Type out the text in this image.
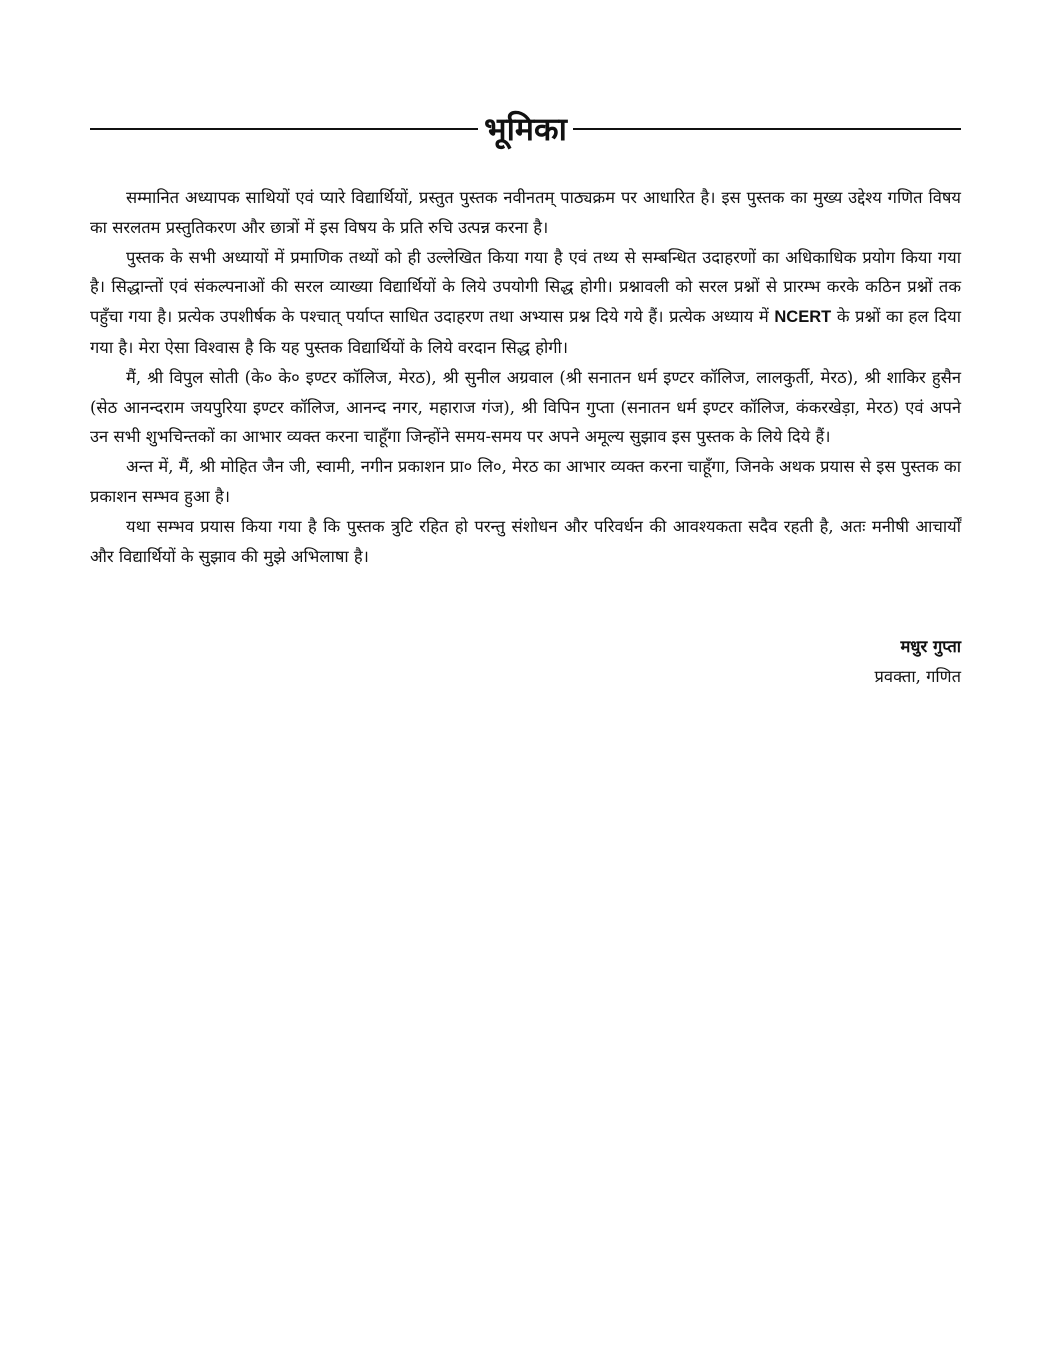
भूमिका

सम्मानित अध्यापक साथियों एवं प्यारे विद्यार्थियों, प्रस्तुत पुस्तक नवीनतम् पाठ्यक्रम पर आधारित है। इस पुस्तक का मुख्य उद्देश्य गणित विषय का सरलतम प्रस्तुतिकरण और छात्रों में इस विषय के प्रति रुचि उत्पन्न करना है।

पुस्तक के सभी अध्यायों में प्रमाणिक तथ्यों को ही उल्लेखित किया गया है एवं तथ्य से सम्बन्धित उदाहरणों का अधिकाधिक प्रयोग किया गया है। सिद्धान्तों एवं संकल्पनाओं की सरल व्याख्या विद्यार्थियों के लिये उपयोगी सिद्ध होगी। प्रश्नावली को सरल प्रश्नों से प्रारम्भ करके कठिन प्रश्नों तक पहुँचा गया है। प्रत्येक उपशीर्षक के पश्चात् पर्याप्त साधित उदाहरण तथा अभ्यास प्रश्न दिये गये हैं। प्रत्येक अध्याय में NCERT के प्रश्नों का हल दिया गया है। मेरा ऐसा विश्वास है कि यह पुस्तक विद्यार्थियों के लिये वरदान सिद्ध होगी।

मैं, श्री विपुल सोती (के० के० इण्टर कॉलिज, मेरठ), श्री सुनील अग्रवाल (श्री सनातन धर्म इण्टर कॉलिज, लालकुर्ती, मेरठ), श्री शाकिर हुसैन (सेठ आनन्दराम जयपुरिया इण्टर कॉलिज, आनन्द नगर, महाराज गंज), श्री विपिन गुप्ता (सनातन धर्म इण्टर कॉलिज, कंकरखेड़ा, मेरठ) एवं अपने उन सभी शुभचिन्तकों का आभार व्यक्त करना चाहूँगा जिन्होंने समय-समय पर अपने अमूल्य सुझाव इस पुस्तक के लिये दिये हैं।

अन्त में, मैं, श्री मोहित जैन जी, स्वामी, नगीन प्रकाशन प्रा० लि०, मेरठ का आभार व्यक्त करना चाहूँगा, जिनके अथक प्रयास से इस पुस्तक का प्रकाशन सम्भव हुआ है।

यथा सम्भव प्रयास किया गया है कि पुस्तक त्रुटि रहित हो परन्तु संशोधन और परिवर्धन की आवश्यकता सदैव रहती है, अतः मनीषी आचार्यों और विद्यार्थियों के सुझाव की मुझे अभिलाषा है।

मधुर गुप्ता
प्रवक्ता, गणित
